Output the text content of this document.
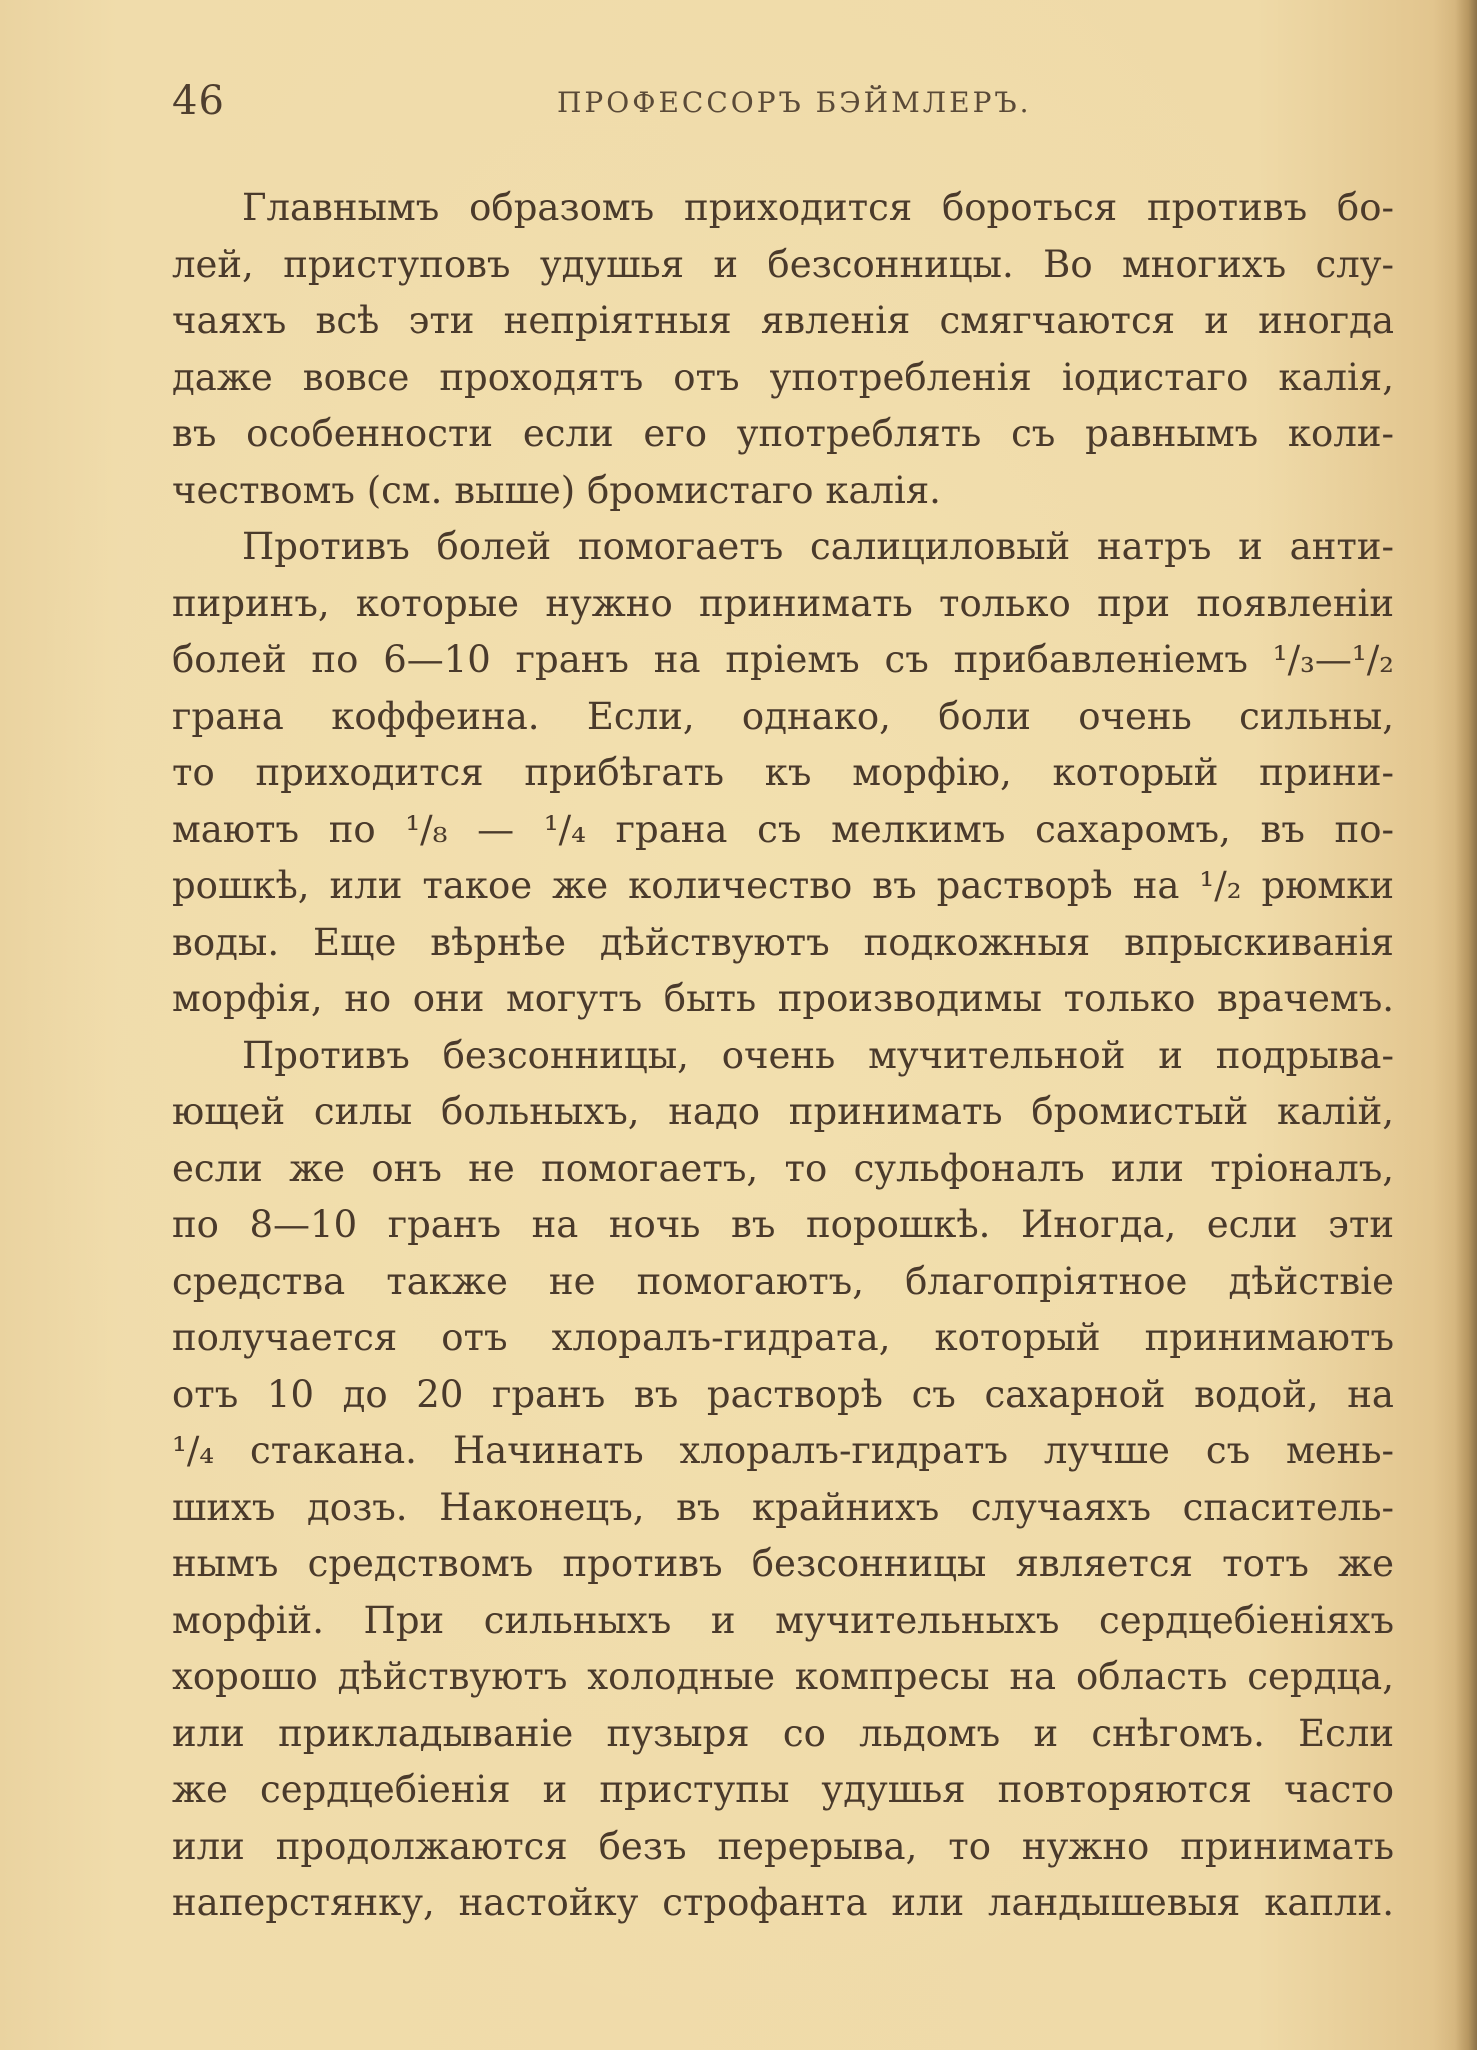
46	ПРОФЕССОРЪ БЭЙМЛЕРЪ.
Главнымъ образомъ приходится бороться противъ бо-
лей, приступовъ удушья и безсонницы. Во многихъ слу-
чаяхъ всѣ эти непріятныя явленія смягчаются и иногда
даже вовсе проходятъ отъ употребленія іодистаго калія,
въ особенности если его употреблять съ равнымъ коли-
чествомъ (см. выше) бромистаго калія.
Противъ болей помогаетъ салициловый натръ и анти-
пиринъ, которые нужно принимать только при появленіи
болей по 6—10 гранъ на пріемъ съ прибавленіемъ ¹/₃—¹/₂
грана коффеина. Если, однако, боли очень сильны,
то приходится прибѣгать къ морфію, который прини-
маютъ по ¹/₈ — ¹/₄ грана съ мелкимъ сахаромъ, въ по-
рошкѣ, или такое же количество въ растворѣ на ¹/₂ рюмки
воды. Еще вѣрнѣе дѣйствуютъ подкожныя впрыскиванія
морфія, но они могутъ быть производимы только врачемъ.
Противъ безсонницы, очень мучительной и подрыва-
ющей силы больныхъ, надо принимать бромистый калій,
если же онъ не помогаетъ, то сульфоналъ или тріоналъ,
по 8—10 гранъ на ночь въ порошкѣ. Иногда, если эти
средства также не помогаютъ, благопріятное дѣйствіе
получается отъ хлоралъ-гидрата, который принимаютъ
отъ 10 до 20 гранъ въ растворѣ съ сахарной водой, на
¹/₄ стакана. Начинать хлоралъ-гидратъ лучше съ мень-
шихъ дозъ. Наконецъ, въ крайнихъ случаяхъ спаситель-
нымъ средствомъ противъ безсонницы является тотъ же
морфій. При сильныхъ и мучительныхъ сердцебіеніяхъ
хорошо дѣйствуютъ холодные компресы на область сердца,
или прикладываніе пузыря со льдомъ и снѣгомъ. Если
же сердцебіенія и приступы удушья повторяются часто
или продолжаются безъ перерыва, то нужно принимать
наперстянку, настойку строфанта или ландышевыя капли.
